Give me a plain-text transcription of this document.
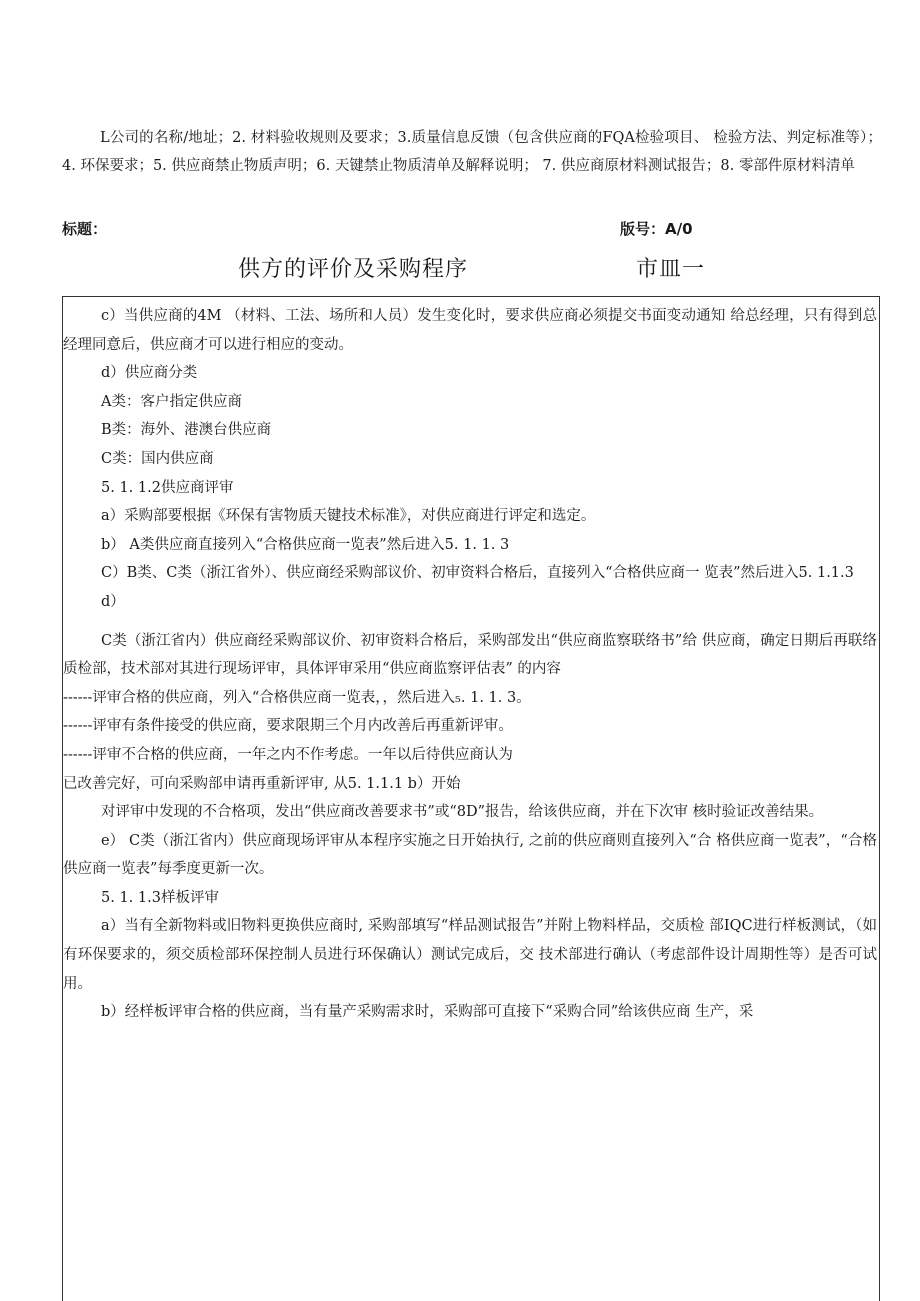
L公司的名称/地址；2. 材料验收规则及要求；3.质量信息反馈（包含供应商的FQA检验项目、 检验方法、判定标准等）；4. 环保要求；5. 供应商禁止物质声明；6. 天键禁止物质清单及解释说明； 7. 供应商原材料测试报告；8. 零部件原材料清单
标题：	版号：A/0
供方的评价及采购程序	市皿一

c）当供应商的4M （材料、工法、场所和人员）发生变化时，要求供应商必须提交书面变动通知 给总经理，只有得到总经理同意后，供应商才可以进行相应的变动。

d）供应商分类

A类：客户指定供应商

B类：海外、港澳台供应商

C类：国内供应商

5. 1. 1.2供应商评审

a）采购部要根据《环保有害物质天键技术标准》，对供应商进行评定和选定。

b） A类供应商直接列入“合格供应商一览表”然后进入5. 1. 1. 3

C）B类、C类（浙江省外）、供应商经采购部议价、初审资料合格后，直接列入“合格供应商一 览表”然后进入5. 1.1.3

d）

C类（浙江省内）供应商经采购部议价、初审资料合格后，采购部发出“供应商监察联络书”给 供应商，确定日期后再联络质检部，技术部对其进行现场评审，具体评审采用“供应商监察评估表” 的内容

------评审合格的供应商，列入“合格供应商一览表，，然后进入₅. 1. 1. 3。

------评审有条件接受的供应商，要求限期三个月内改善后再重新评审。

------评审不合格的供应商，一年之内不作考虑。一年以后待供应商认为

已改善完好，可向采购部申请再重新评审, 从5. 1.1.1 b）开始

对评审中发现的不合格项，发出“供应商改善要求书”或“8D”报告，给该供应商，并在下次审 核时验证改善结果。

e） C类（浙江省内）供应商现场评审从本程序实施之日开始执行, 之前的供应商则直接列入“合 格供应商一览表”，“合格供应商一览表”每季度更新一次。

5. 1. 1.3样板评审

a）当有全新物料或旧物料更换供应商时, 采购部填写“样品测试报告”并附上物料样品，交质检 部IQC进行样板测试，（如有环保要求的，须交质检部环保控制人员进行环保确认）测试完成后，交 技术部进行确认（考虑部件设计周期性等）是否可试用。

b）经样板评审合格的供应商，当有量产采购需求时，采购部可直接下“采购合同”给该供应商 生产，采
